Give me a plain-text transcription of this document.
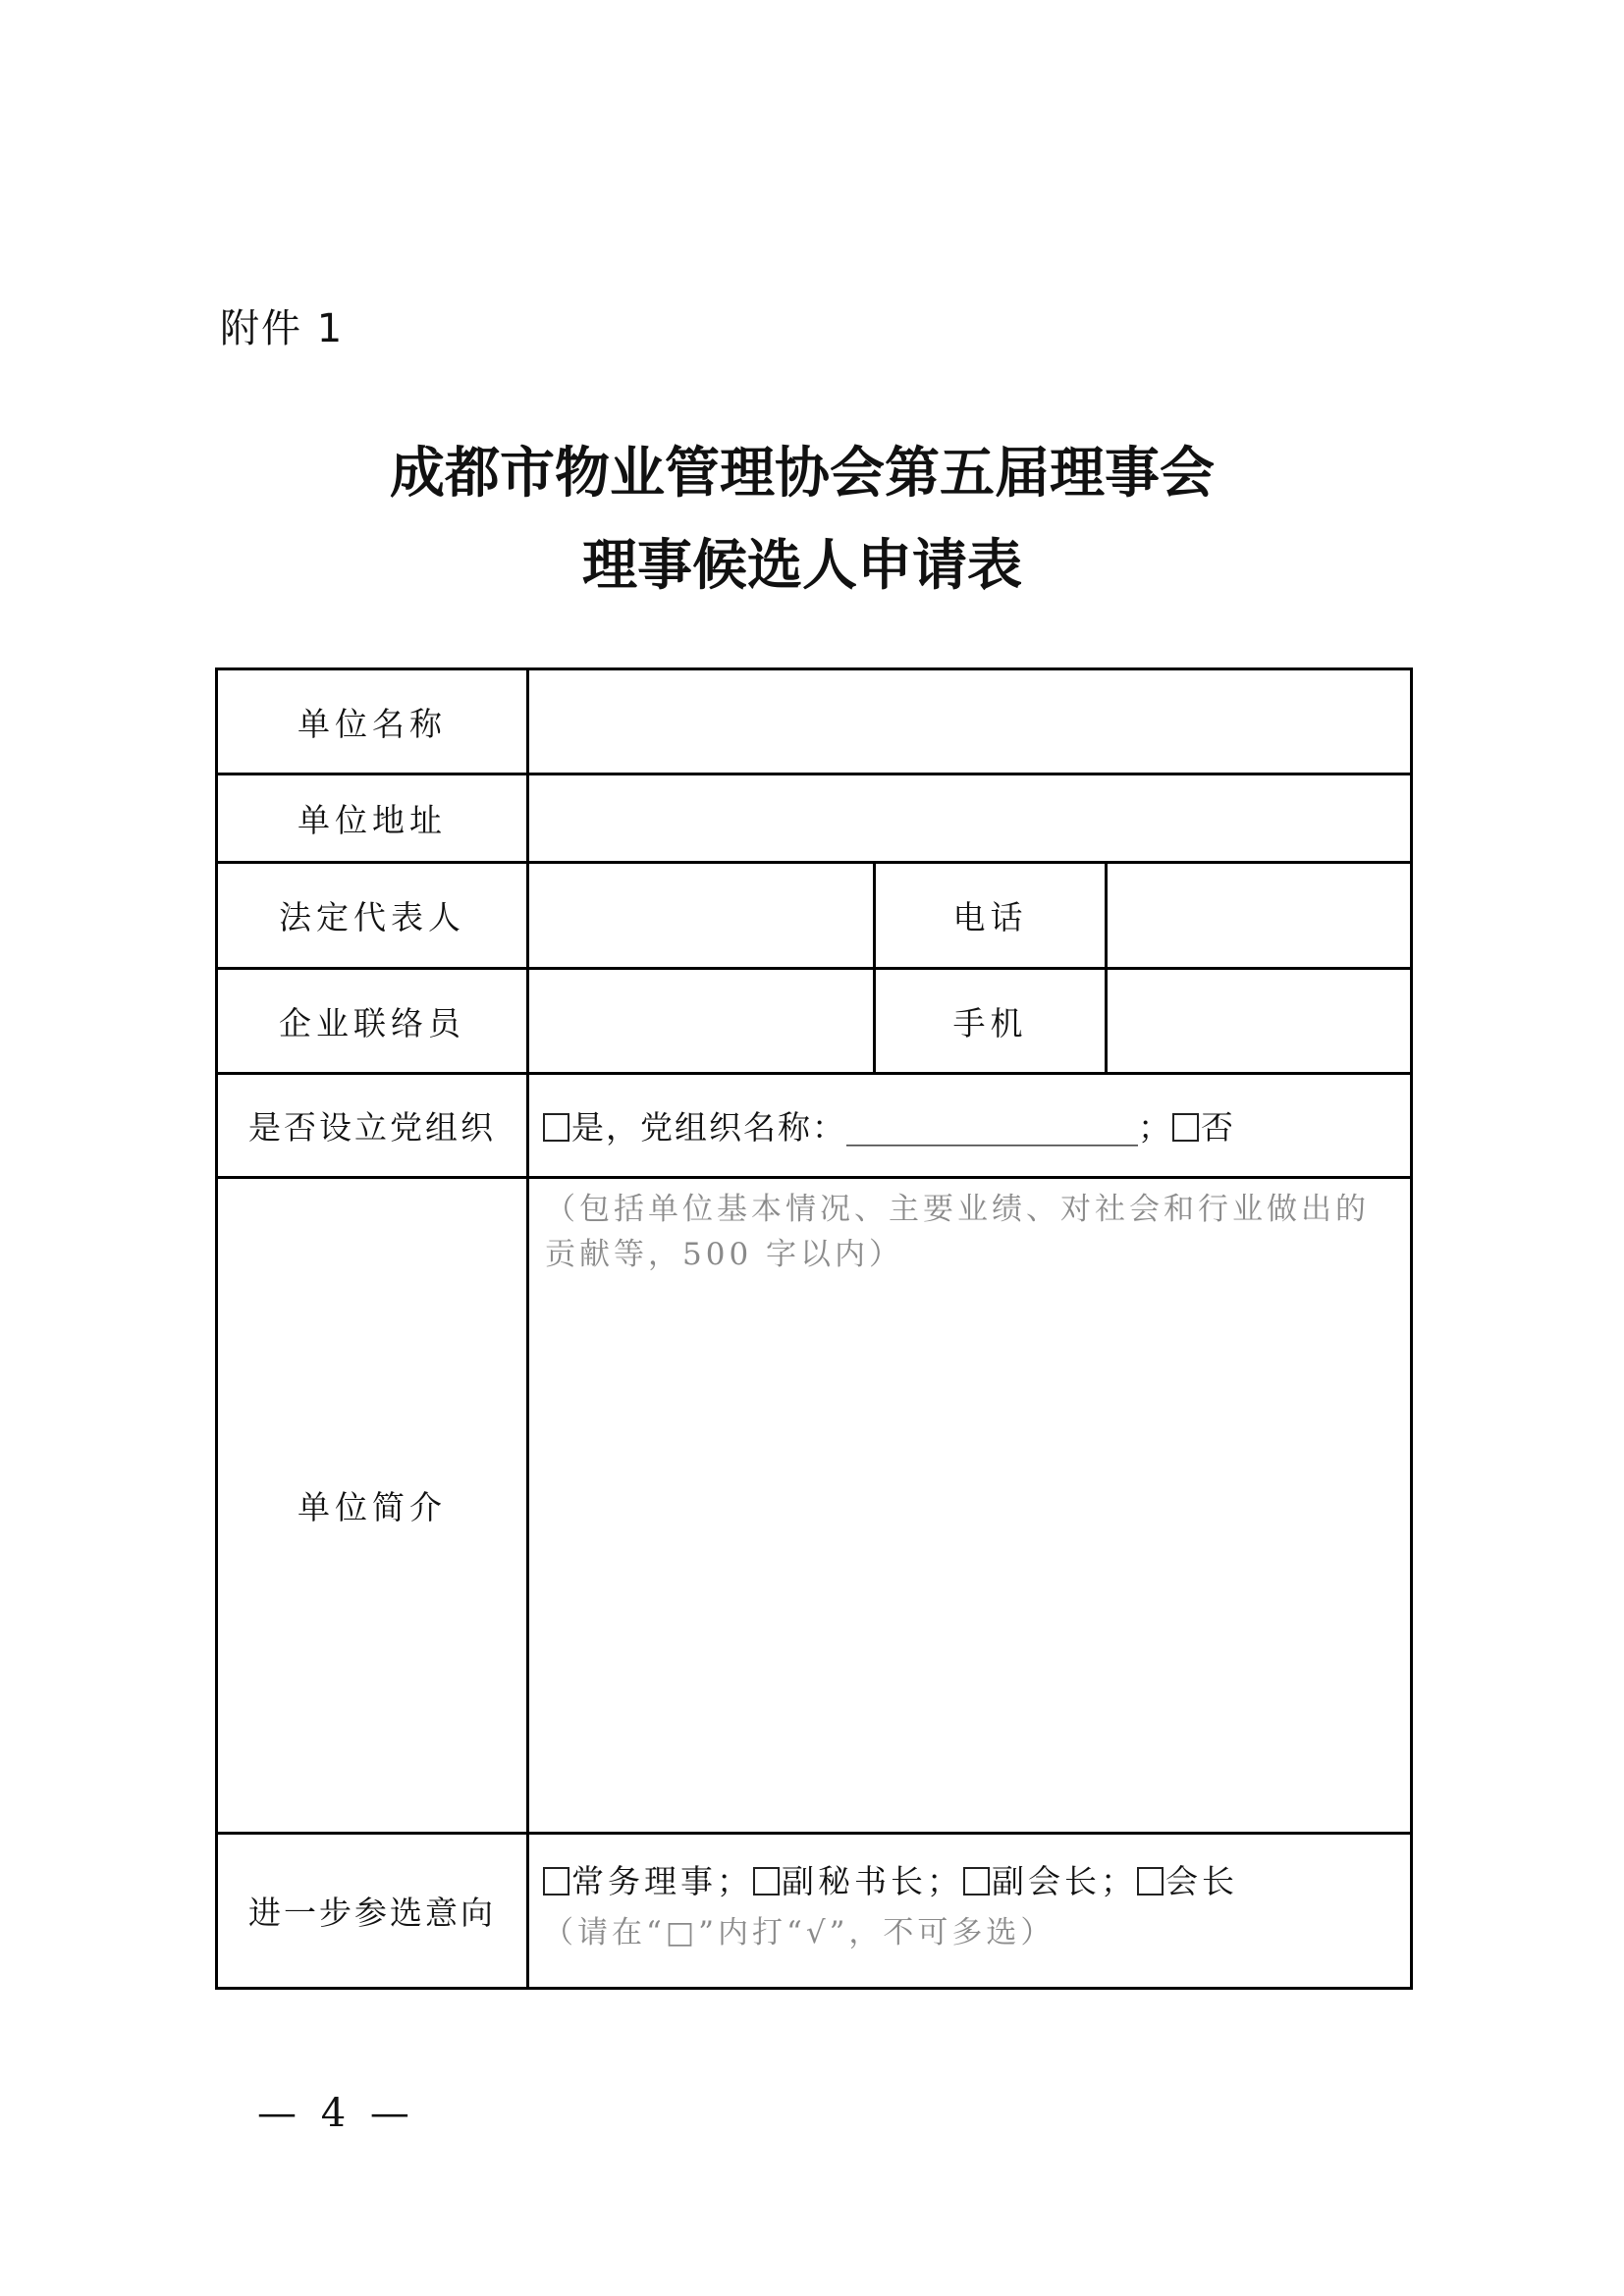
附件 1
成都市物业管理协会第五届理事会
理事候选人申请表
单位名称			
单位地址			
法定代表人		电话	
企业联络员		手机	
是否设立党组织	是，党组织名称：__________________； 否		

单位简介	（包括单位基本情况、主要业绩、对社会和行业做出的贡献等，500 字以内）		

进一步参选意向	常务理事； 副秘书长； 副会长； 会长
（请在“□”内打“√”，不可多选）		
— 4 —
